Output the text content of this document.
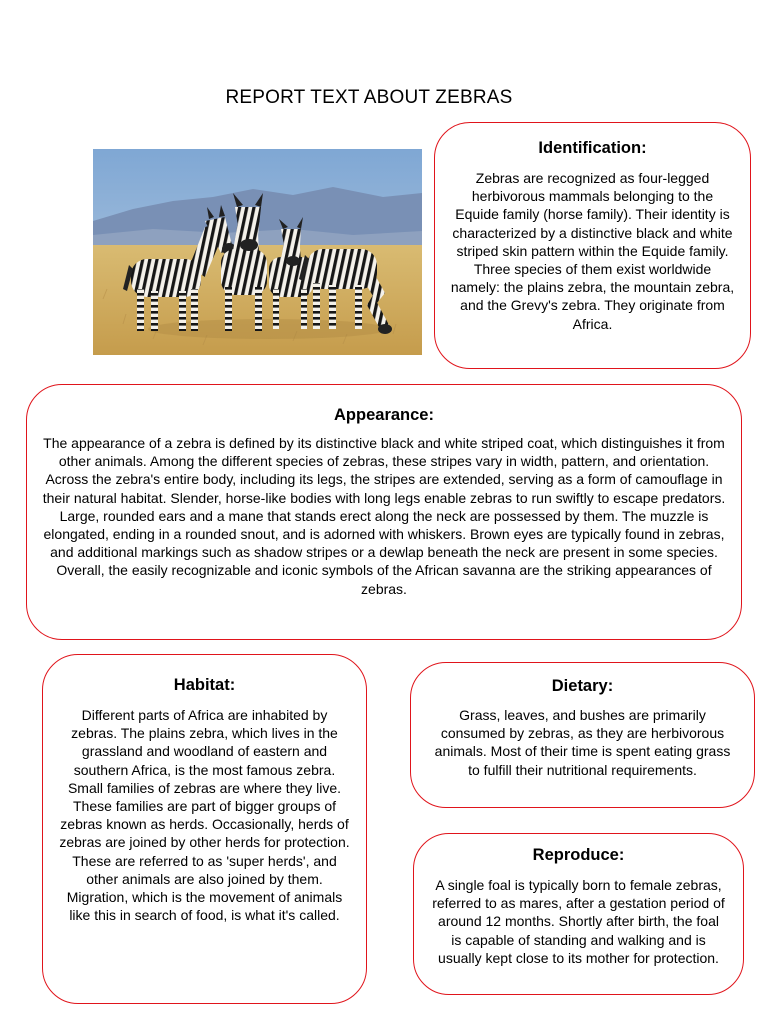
REPORT TEXT ABOUT ZEBRAS
Identification:

Zebras are recognized as four-legged herbivorous mammals belonging to the Equide family (horse family). Their identity is characterized by a distinctive black and white striped skin pattern within the Equide family. Three species of them exist worldwide namely: the plains zebra, the mountain zebra, and the Grevy's zebra. They originate from Africa.

Appearance:

The appearance of a zebra is defined by its distinctive black and white striped coat, which distinguishes it from other animals. Among the different species of zebras, these stripes vary in width, pattern, and orientation. Across the zebra's entire body, including its legs, the stripes are extended, serving as a form of camouflage in their natural habitat. Slender, horse-like bodies with long legs enable zebras to run swiftly to escape predators. Large, rounded ears and a mane that stands erect along the neck are possessed by them. The muzzle is elongated, ending in a rounded snout, and is adorned with whiskers. Brown eyes are typically found in zebras, and additional markings such as shadow stripes or a dewlap beneath the neck are present in some species. Overall, the easily recognizable and iconic symbols of the African savanna are the striking appearances of zebras.

Habitat:

Different parts of Africa are inhabited by zebras. The plains zebra, which lives in the grassland and woodland of eastern and southern Africa, is the most famous zebra. Small families of zebras are where they live. These families are part of bigger groups of zebras known as herds. Occasionally, herds of zebras are joined by other herds for protection. These are referred to as 'super herds', and other animals are also joined by them. Migration, which is the movement of animals like this in search of food, is what it's called.

Dietary:

Grass, leaves, and bushes are primarily consumed by zebras, as they are herbivorous animals. Most of their time is spent eating grass to fulfill their nutritional requirements.

Reproduce:

A single foal is typically born to female zebras, referred to as mares, after a gestation period of around 12 months. Shortly after birth, the foal is capable of standing and walking and is usually kept close to its mother for protection.
